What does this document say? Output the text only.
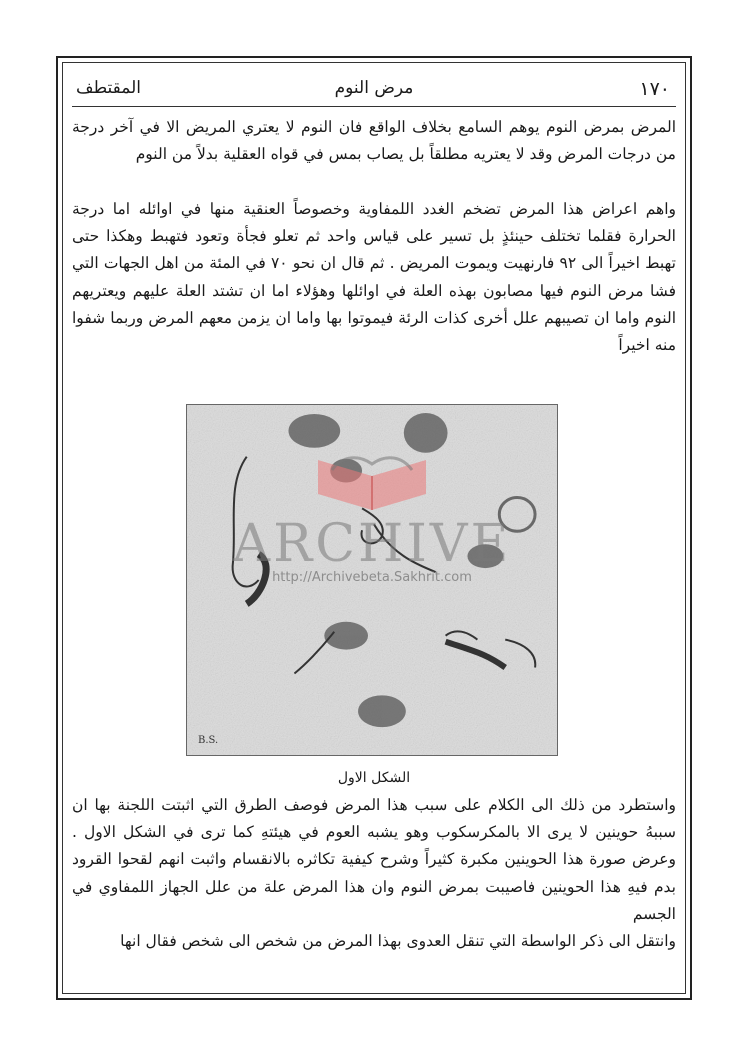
١٧٠
مرض النوم
المقتطف
المرض بمرض النوم يوهم السامع بخلاف الواقع فان النوم لا يعتري المريض الا في آخر درجة من درجات المرض وقد لا يعتريه مطلقاً بل يصاب بمس في قواه العقلية بدلاً من النوم
واهم اعراض هذا المرض تضخم الغدد اللمفاوية وخصوصاً العنقية منها في اوائله اما درجة الحرارة فقلما تختلف حينئذٍ بل تسير على قياس واحد ثم تعلو فجأة وتعود فتهبط وهكذا حتى تهبط اخيراً الى ٩٢ فارنهيت ويموت المريض . ثم قال ان نحو ٧٠ في المئة من اهل الجهات التي فشا مرض النوم فيها مصابون بهذه العلة في اوائلها وهؤلاء اما ان تشتد العلة عليهم ويعتريهم النوم واما ان تصيبهم علل أخرى كذات الرئة فيموتوا بها واما ان يزمن معهم المرض وربما شفوا منه اخيراً
ARCHIVE
http://Archivebeta.Sakhrit.com
B.S.
الشكل الاول
واستطرد من ذلك الى الكلام على سبب هذا المرض فوصف الطرق التي اثبتت اللجنة بها ان سببهُ حوينين لا يرى الا بالمكرسكوب وهو يشبه العوم في هيئتهِ كما ترى في الشكل الاول . وعرض صورة هذا الحوينين مكبرة كثيراً وشرح كيفية تكاثره بالانقسام واثبت انهم لقحوا القرود بدم فيهِ هذا الحوينين فاصيبت بمرض النوم وان هذا المرض علة من علل الجهاز اللمفاوي في الجسم
وانتقل الى ذكر الواسطة التي تنقل العدوى بهذا المرض من شخص الى شخص فقال انها
